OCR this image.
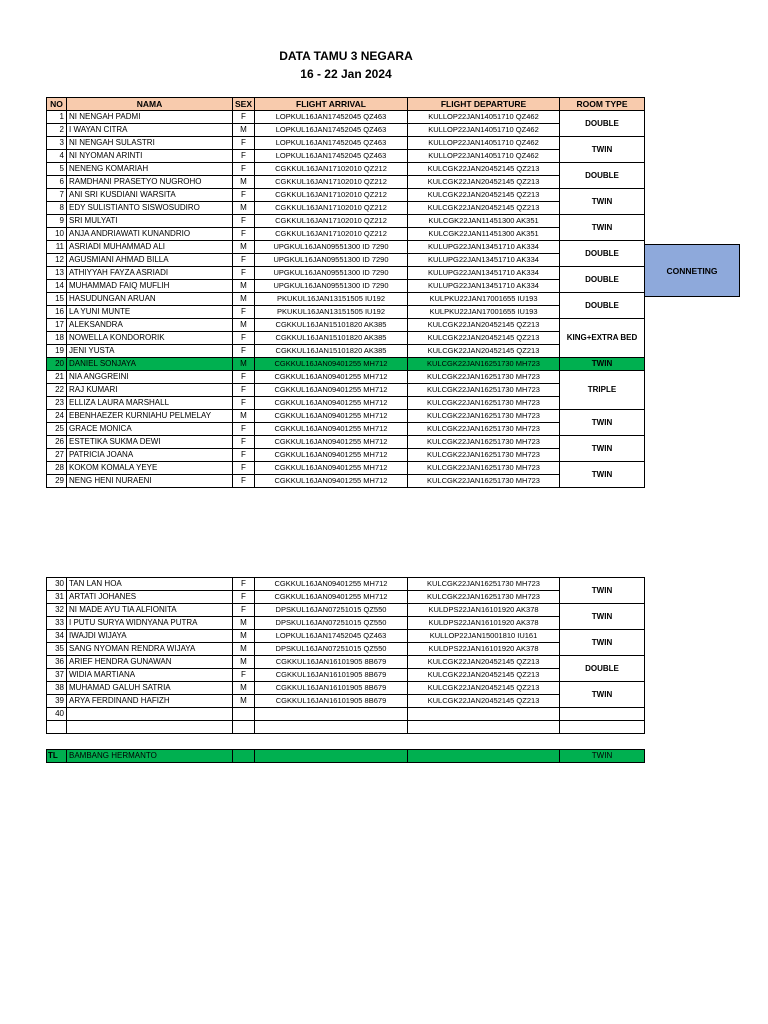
DATA TAMU 3 NEGARA
16 - 22 Jan 2024
NO	NAMA	SEX	FLIGHT ARRIVAL	FLIGHT DEPARTURE	ROOM TYPE
1	NI NENGAH PADMI	F	LOPKUL16JAN17452045 QZ463	KULLOP22JAN14051710 QZ462	DOUBLE
2	I WAYAN CITRA	M	LOPKUL16JAN17452045 QZ463	KULLOP22JAN14051710 QZ462	
3	NI NENGAH SULASTRI	F	LOPKUL16JAN17452045 QZ463	KULLOP22JAN14051710 QZ462	TWIN
4	NI NYOMAN ARINTI	F	LOPKUL16JAN17452045 QZ463	KULLOP22JAN14051710 QZ462	
5	NENENG KOMARIAH	F	CGKKUL16JAN17102010 QZ212	KULCGK22JAN20452145 QZ213	DOUBLE
6	RAMDHANI PRASETYO NUGROHO	M	CGKKUL16JAN17102010 QZ212	KULCGK22JAN20452145 QZ213	
7	ANI SRI KUSDIANI WARSITA	F	CGKKUL16JAN17102010 QZ212	KULCGK22JAN20452145 QZ213	TWIN
8	EDY SULISTIANTO SISWOSUDIRO	M	CGKKUL16JAN17102010 QZ212	KULCGK22JAN20452145 QZ213	
9	SRI MULYATI	F	CGKKUL16JAN17102010 QZ212	KULCGK22JAN11451300 AK351	TWIN
10	ANJA ANDRIAWATI KUNANDRIO	F	CGKKUL16JAN17102010 QZ212	KULCGK22JAN11451300 AK351	
11	ASRIADI MUHAMMAD ALI	M	UPGKUL16JAN09551300 ID 7290	KULUPG22JAN13451710 AK334	DOUBLE
12	AGUSMIANI AHMAD BILLA	F	UPGKUL16JAN09551300 ID 7290	KULUPG22JAN13451710 AK334	
13	ATHIYYAH FAYZA ASRIADI	F	UPGKUL16JAN09551300 ID 7290	KULUPG22JAN13451710 AK334	DOUBLE
14	MUHAMMAD FAIQ MUFLIH	M	UPGKUL16JAN09551300 ID 7290	KULUPG22JAN13451710 AK334	
15	HASUDUNGAN ARUAN	M	PKUKUL16JAN13151505 IU192	KULPKU22JAN17001655 IU193	DOUBLE
16	LA YUNI MUNTE	F	PKUKUL16JAN13151505 IU192	KULPKU22JAN17001655 IU193	
17	ALEKSANDRA	M	CGKKUL16JAN15101820 AK385	KULCGK22JAN20452145 QZ213	KING+EXTRA BED
18	NOWELLA KONDORORIK	F	CGKKUL16JAN15101820 AK385	KULCGK22JAN20452145 QZ213	
19	JENI YUSTA	F	CGKKUL16JAN15101820 AK385	KULCGK22JAN20452145 QZ213	
20	DANIEL SONJAYA	M	CGKKUL16JAN09401255 MH712	KULCGK22JAN16251730 MH723	TWIN
21	NIA ANGGREINI	F	CGKKUL16JAN09401255 MH712	KULCGK22JAN16251730 MH723	TRIPLE
22	RAJ KUMARI	F	CGKKUL16JAN09401255 MH712	KULCGK22JAN16251730 MH723	
23	ELLIZA LAURA MARSHALL	F	CGKKUL16JAN09401255 MH712	KULCGK22JAN16251730 MH723	
24	EBENHAEZER KURNIAHU PELMELAY	M	CGKKUL16JAN09401255 MH712	KULCGK22JAN16251730 MH723	TWIN
25	GRACE MONICA	F	CGKKUL16JAN09401255 MH712	KULCGK22JAN16251730 MH723	
26	ESTETIKA SUKMA DEWI	F	CGKKUL16JAN09401255 MH712	KULCGK22JAN16251730 MH723	TWIN
27	PATRICIA JOANA	F	CGKKUL16JAN09401255 MH712	KULCGK22JAN16251730 MH723	
28	KOKOM KOMALA YEYE	F	CGKKUL16JAN09401255 MH712	KULCGK22JAN16251730 MH723	TWIN
29	NENG HENI NURAENI	F	CGKKUL16JAN09401255 MH712	KULCGK22JAN16251730 MH723	
CONNETING
30	TAN LAN HOA	F	CGKKUL16JAN09401255 MH712	KULCGK22JAN16251730 MH723	TWIN
31	ARTATI JOHANES	F	CGKKUL16JAN09401255 MH712	KULCGK22JAN16251730 MH723	
32	NI MADE AYU TIA ALFIONITA	F	DPSKUL16JAN07251015 QZ550	KULDPS22JAN16101920 AK378	TWIN
33	I PUTU SURYA WIDNYANA PUTRA	M	DPSKUL16JAN07251015 QZ550	KULDPS22JAN16101920 AK378	
34	IWAJDI WIJAYA	M	LOPKUL16JAN17452045 QZ463	KULLOP22JAN15001810 IU161	TWIN
35	SANG NYOMAN RENDRA WIJAYA	M	DPSKUL16JAN07251015 QZ550	KULDPS22JAN16101920 AK378	
36	ARIEF HENDRA GUNAWAN	M	CGKKUL16JAN16101905 8B679	KULCGK22JAN20452145 QZ213	DOUBLE
37	WIDIA MARTIANA	F	CGKKUL16JAN16101905 8B679	KULCGK22JAN20452145 QZ213	
38	MUHAMAD GALUH SATRIA	M	CGKKUL16JAN16101905 8B679	KULCGK22JAN20452145 QZ213	TWIN
39	ARYA FERDINAND HAFIZH	M	CGKKUL16JAN16101905 8B679	KULCGK22JAN20452145 QZ213	
40					

TL	BAMBANG HERMANTO				TWIN
